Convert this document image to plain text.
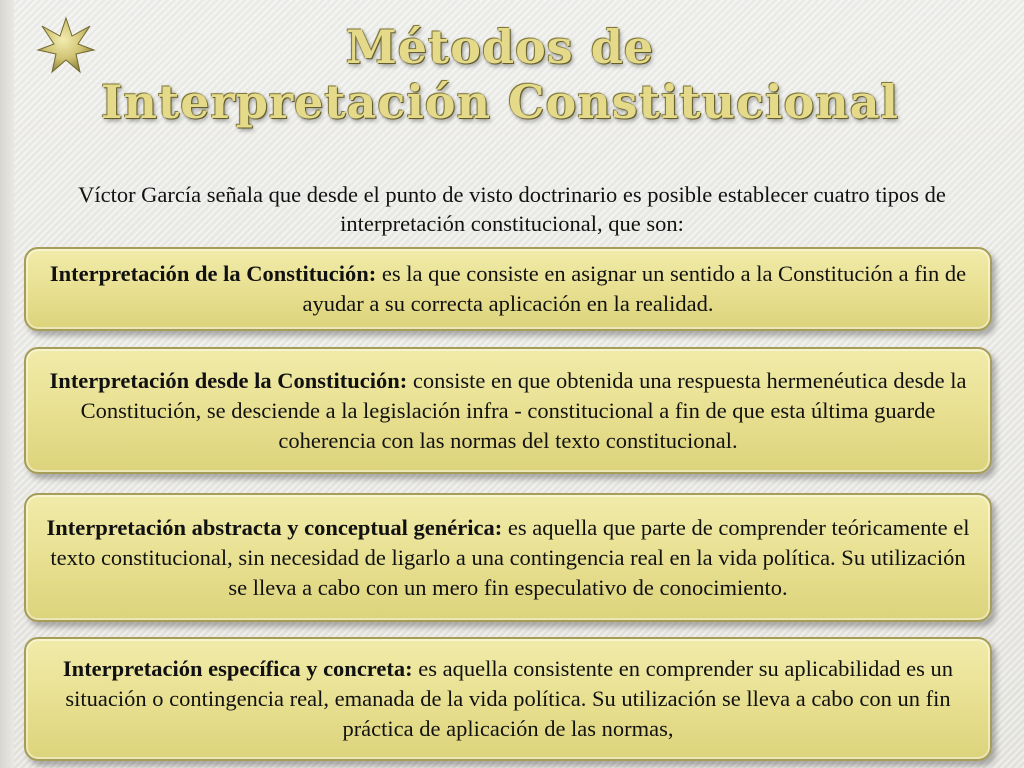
Métodos de
Interpretación Constitucional
Víctor García señala que desde el punto de visto doctrinario es posible establecer cuatro tipos de interpretación constitucional, que son:

Interpretación de la Constitución: es la que consiste en asignar un sentido a la Constitución a fin de ayudar a su correcta aplicación en la realidad.

Interpretación desde la Constitución: consiste en que obtenida una respuesta hermenéutica desde la Constitución, se desciende a la legislación infra - constitucional a fin de que esta última guarde coherencia con las normas del texto constitucional.

Interpretación abstracta y conceptual genérica: es aquella que parte de comprender teóricamente el texto constitucional, sin necesidad de ligarlo a una contingencia real en la vida política. Su utilización se lleva a cabo con un mero fin especulativo de conocimiento.

Interpretación específica y concreta: es aquella consistente en comprender su aplicabilidad es un situación o contingencia real, emanada de la vida política. Su utilización se lleva a cabo con un fin práctica de aplicación de las normas,
